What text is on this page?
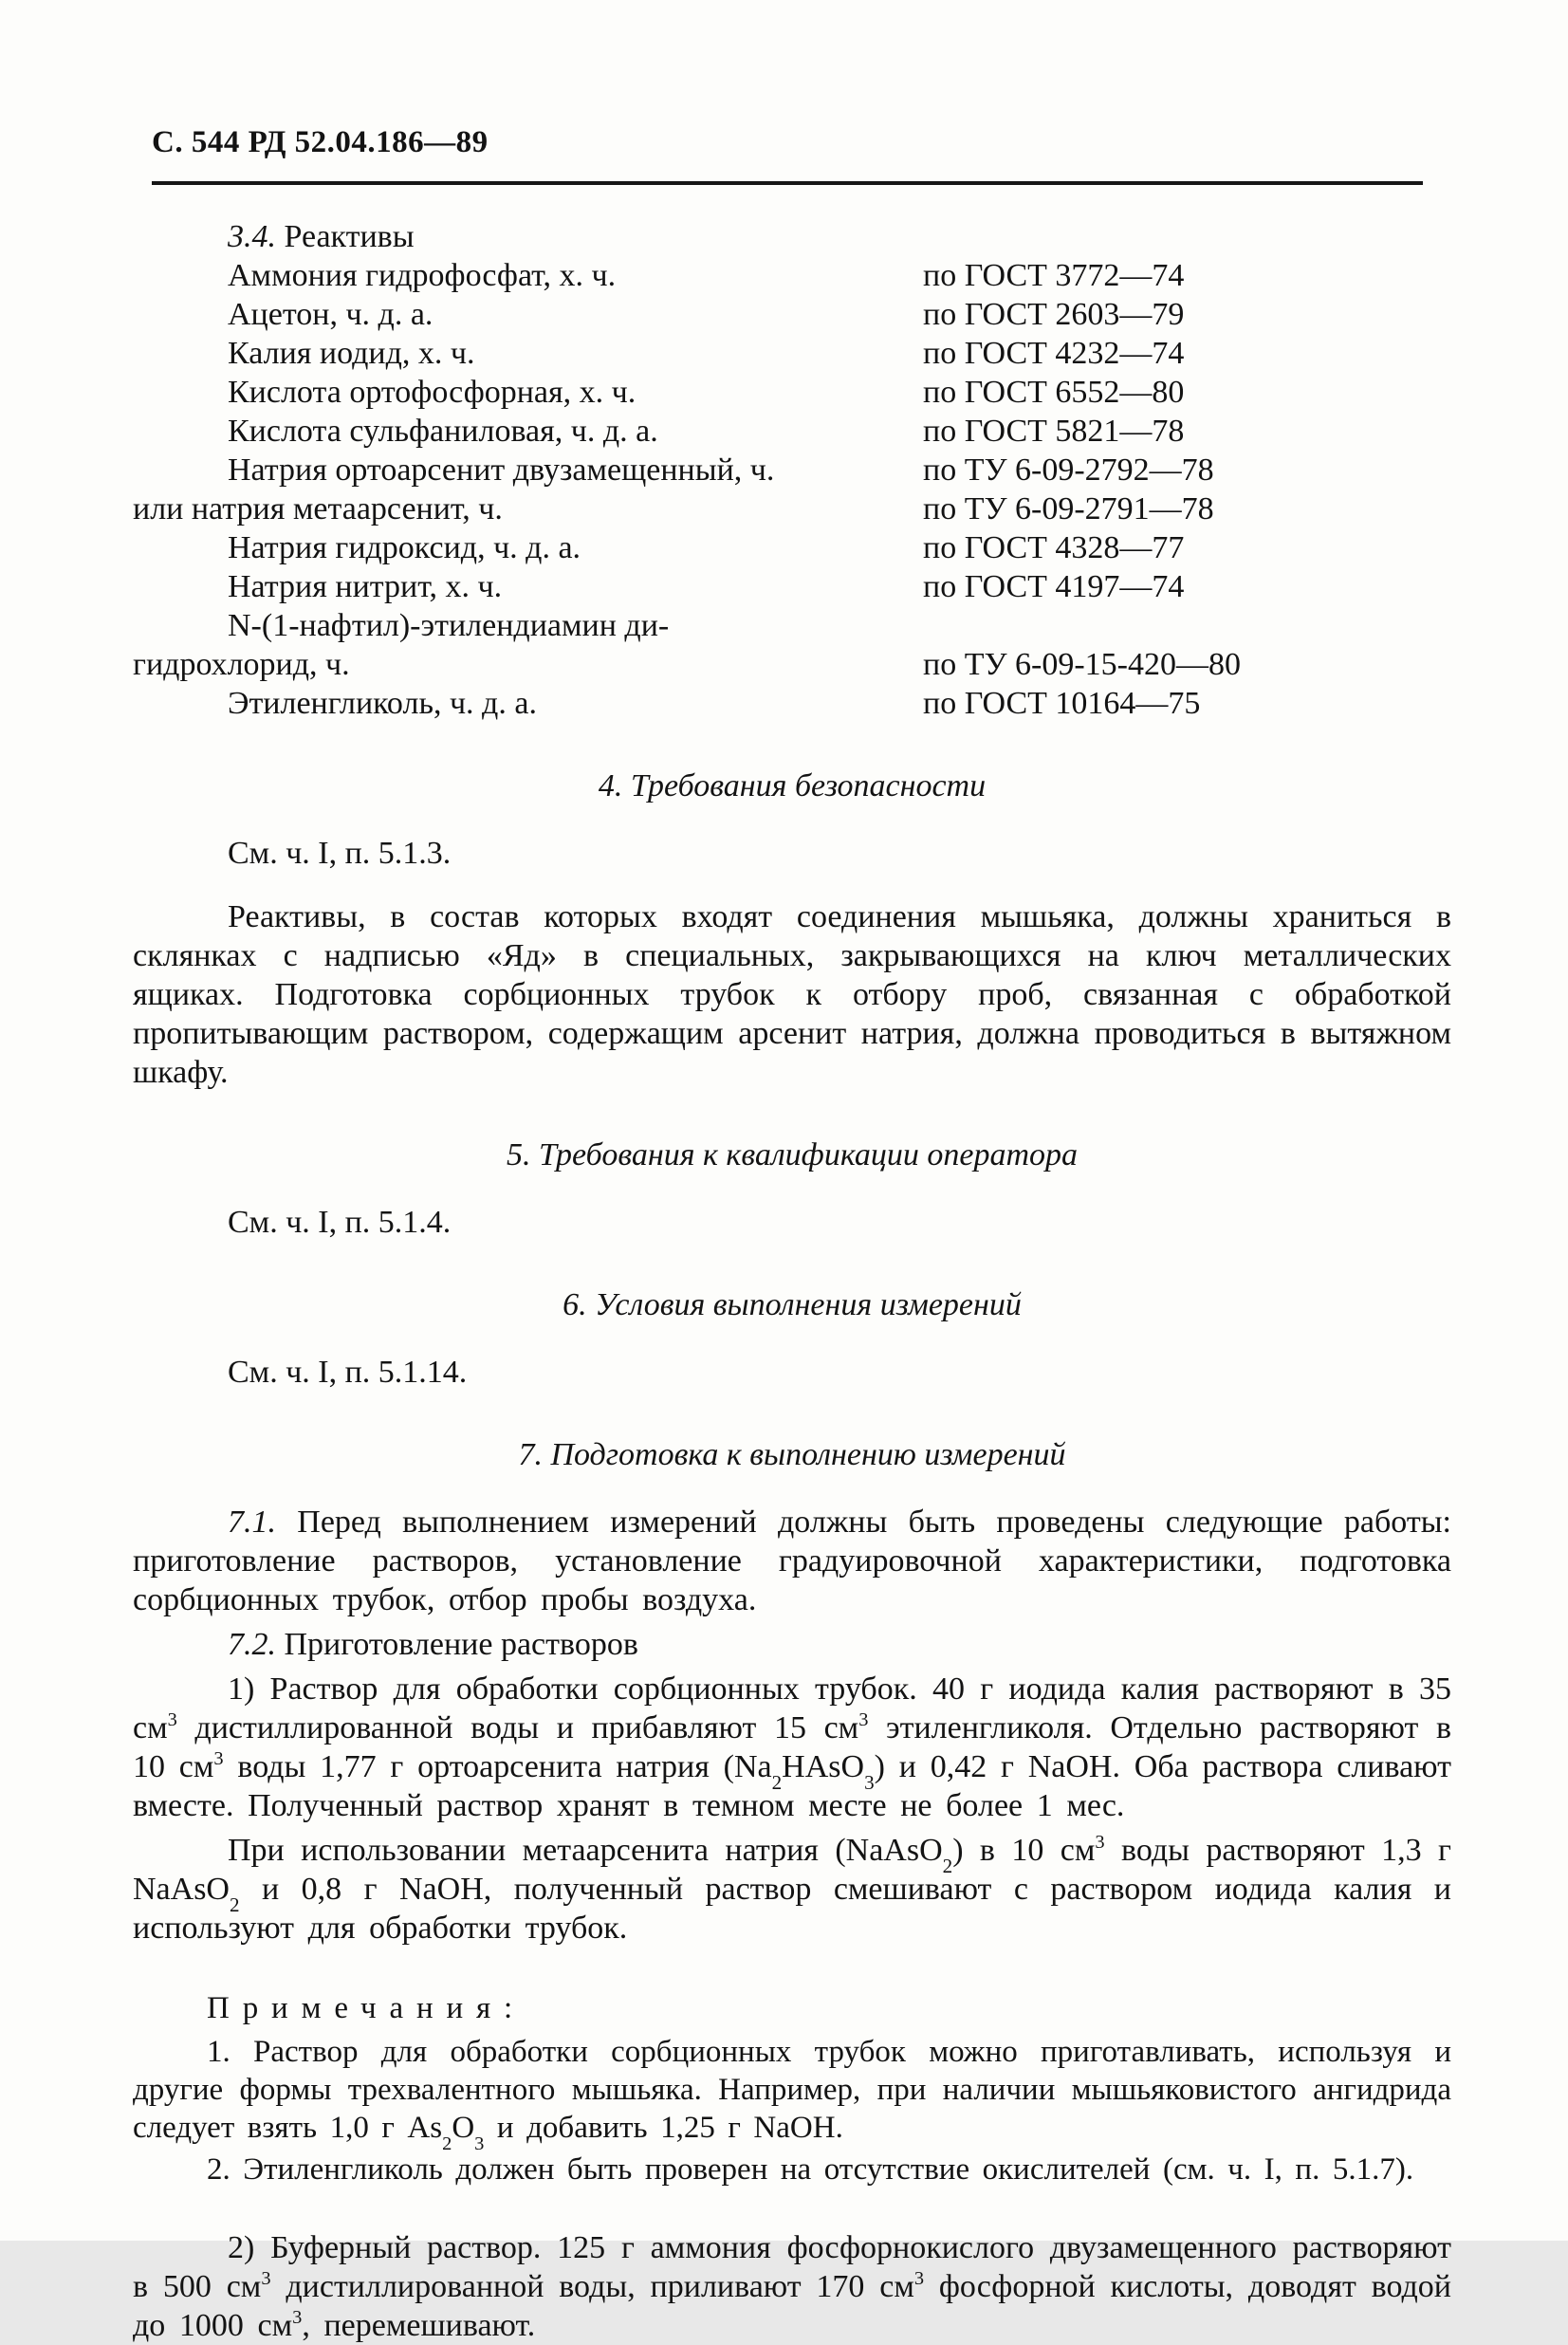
С. 544 РД 52.04.186—89
3.4. Реактивы
Аммония гидрофосфат, х. ч.	по ГОСТ 3772—74
Ацетон, ч. д. а.	по ГОСТ 2603—79
Калия иодид, х. ч.	по ГОСТ 4232—74
Кислота ортофосфорная, х. ч.	по ГОСТ 6552—80
Кислота сульфаниловая, ч. д. а.	по ГОСТ 5821—78
Натрия ортоарсенит двузамещенный, ч.	по ТУ 6-09-2792—78
или натрия метаарсенит, ч.	по ТУ 6-09-2791—78
Натрия гидроксид, ч. д. а.	по ГОСТ 4328—77
Натрия нитрит, х. ч.	по ГОСТ 4197—74
N-(1-нафтил)-этилендиамин ди-
гидрохлорид, ч.	по ТУ 6-09-15-420—80
Этиленгликоль, ч. д. а.	по ГОСТ 10164—75
4. Требования безопасности

См. ч. I, п. 5.1.3.

Реактивы, в состав которых входят соединения мышьяка, должны храниться в склянках с надписью «Яд» в специальных, закрывающихся на ключ металлических ящиках. Подготовка сорбционных трубок к отбору проб, связанная с обработкой пропитывающим раствором, содержащим арсенит натрия, должна проводиться в вытяжном шкафу.

5. Требования к квалификации оператора

См. ч. I, п. 5.1.4.

6. Условия выполнения измерений

См. ч. I, п. 5.1.14.

7. Подготовка к выполнению измерений

7.1. Перед выполнением измерений должны быть проведены следующие работы: приготовление растворов, установление градуировочной характеристики, подготовка сорбционных трубок, отбор пробы воздуха.

7.2. Приготовление растворов

1) Раствор для обработки сорбционных трубок. 40 г иодида калия растворяют в 35 $см^3$ дистиллированной воды и прибавляют 15 $см^3$ этиленгликоля. Отдельно растворяют в 10 $см^3$ воды 1,77 г ортоарсенита натрия $(Na_2HAsO_3)$ и 0,42 г NaOH. Оба раствора сливают вместе. Полученный раствор хранят в темном месте не более 1 мес.

При использовании метаарсенита натрия (NaAsO$_2$) в 10 $см^3$ воды растворяют 1,3 г NaAsO$_2$ и 0,8 г NaOH, полученный раствор смешивают с раствором иодида калия и используют для обработки трубок.

Примечания:

1. Раствор для обработки сорбционных трубок можно приготавливать, используя и другие формы трехвалентного мышьяка. Например, при наличии мышьяковистого ангидрида следует взять 1,0 г $As_2O_3$ и добавить 1,25 г NaOH.

2. Этиленгликоль должен быть проверен на отсутствие окислителей (см. ч. I, п. 5.1.7).

2) Буферный раствор. 125 г аммония фосфорнокислого двузамещенного растворяют в 500 $см^3$ дистиллированной воды, приливают 170 $см^3$ фосфорной кислоты, доводят водой до 1000 $см^3$, перемешивают.
